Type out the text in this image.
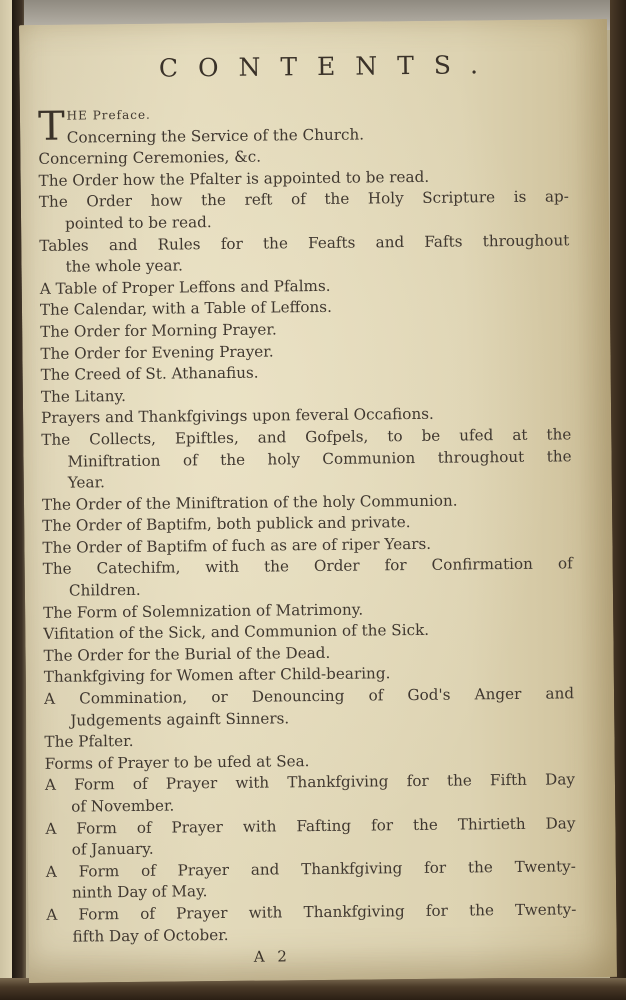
CONTENTS.
THE Preface.
Concerning the Service of the Church.
Concerning Ceremonies, &c.
The Order how the Pfalter is appointed to be read.
The Order how the reft of the Holy Scripture is ap-
pointed to be read.
Tables and Rules for the Feafts and Fafts throughout
the whole year.
A Table of Proper Leffons and Pfalms.
The Calendar, with a Table of Leffons.
The Order for Morning Prayer.
The Order for Evening Prayer.
The Creed of St. Athanafius.
The Litany.
Prayers and Thankfgivings upon feveral Occafions.
The Collects, Epiftles, and Gofpels, to be ufed at the
Miniftration of the holy Communion throughout the
Year.
The Order of the Miniftration of the holy Communion.
The Order of Baptifm, both publick and private.
The Order of Baptifm of fuch as are of riper Years.
The Catechifm, with the Order for Confirmation of
Children.
The Form of Solemnization of Matrimony.
Vifitation of the Sick, and Communion of the Sick.
The Order for the Burial of the Dead.
Thankfgiving for Women after Child-bearing.
A Commination, or Denouncing of God's Anger and
Judgements againft Sinners.
The Pfalter.
Forms of Prayer to be ufed at Sea.
A Form of Prayer with Thankfgiving for the Fifth Day
of November.
A Form of Prayer with Fafting for the Thirtieth Day
of January.
A Form of Prayer and Thankfgiving for the Twenty-
ninth Day of May.
A Form of Prayer with Thankfgiving for the Twenty-
fifth Day of October.
A 2
